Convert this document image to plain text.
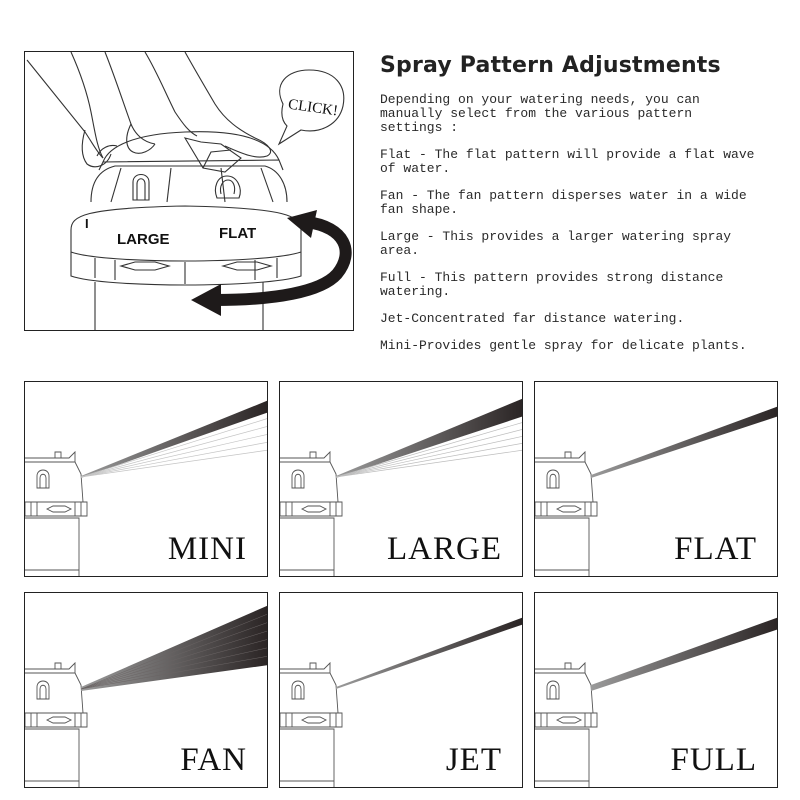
I
LARGE	FLAT
CLICK!
Spray Pattern Adjustments

Depending on your watering needs, you can manually select from the various pattern settings :

Flat - The flat pattern will provide a flat wave of water.

Fan - The fan pattern disperses water in a wide fan shape.

Large - This provides a larger watering spray area.

Full - This pattern provides strong distance watering.

Jet-Concentrated far distance watering.

Mini-Provides gentle spray for delicate plants.

MINI	LARGE	FLAT
FAN	JET	FULL
